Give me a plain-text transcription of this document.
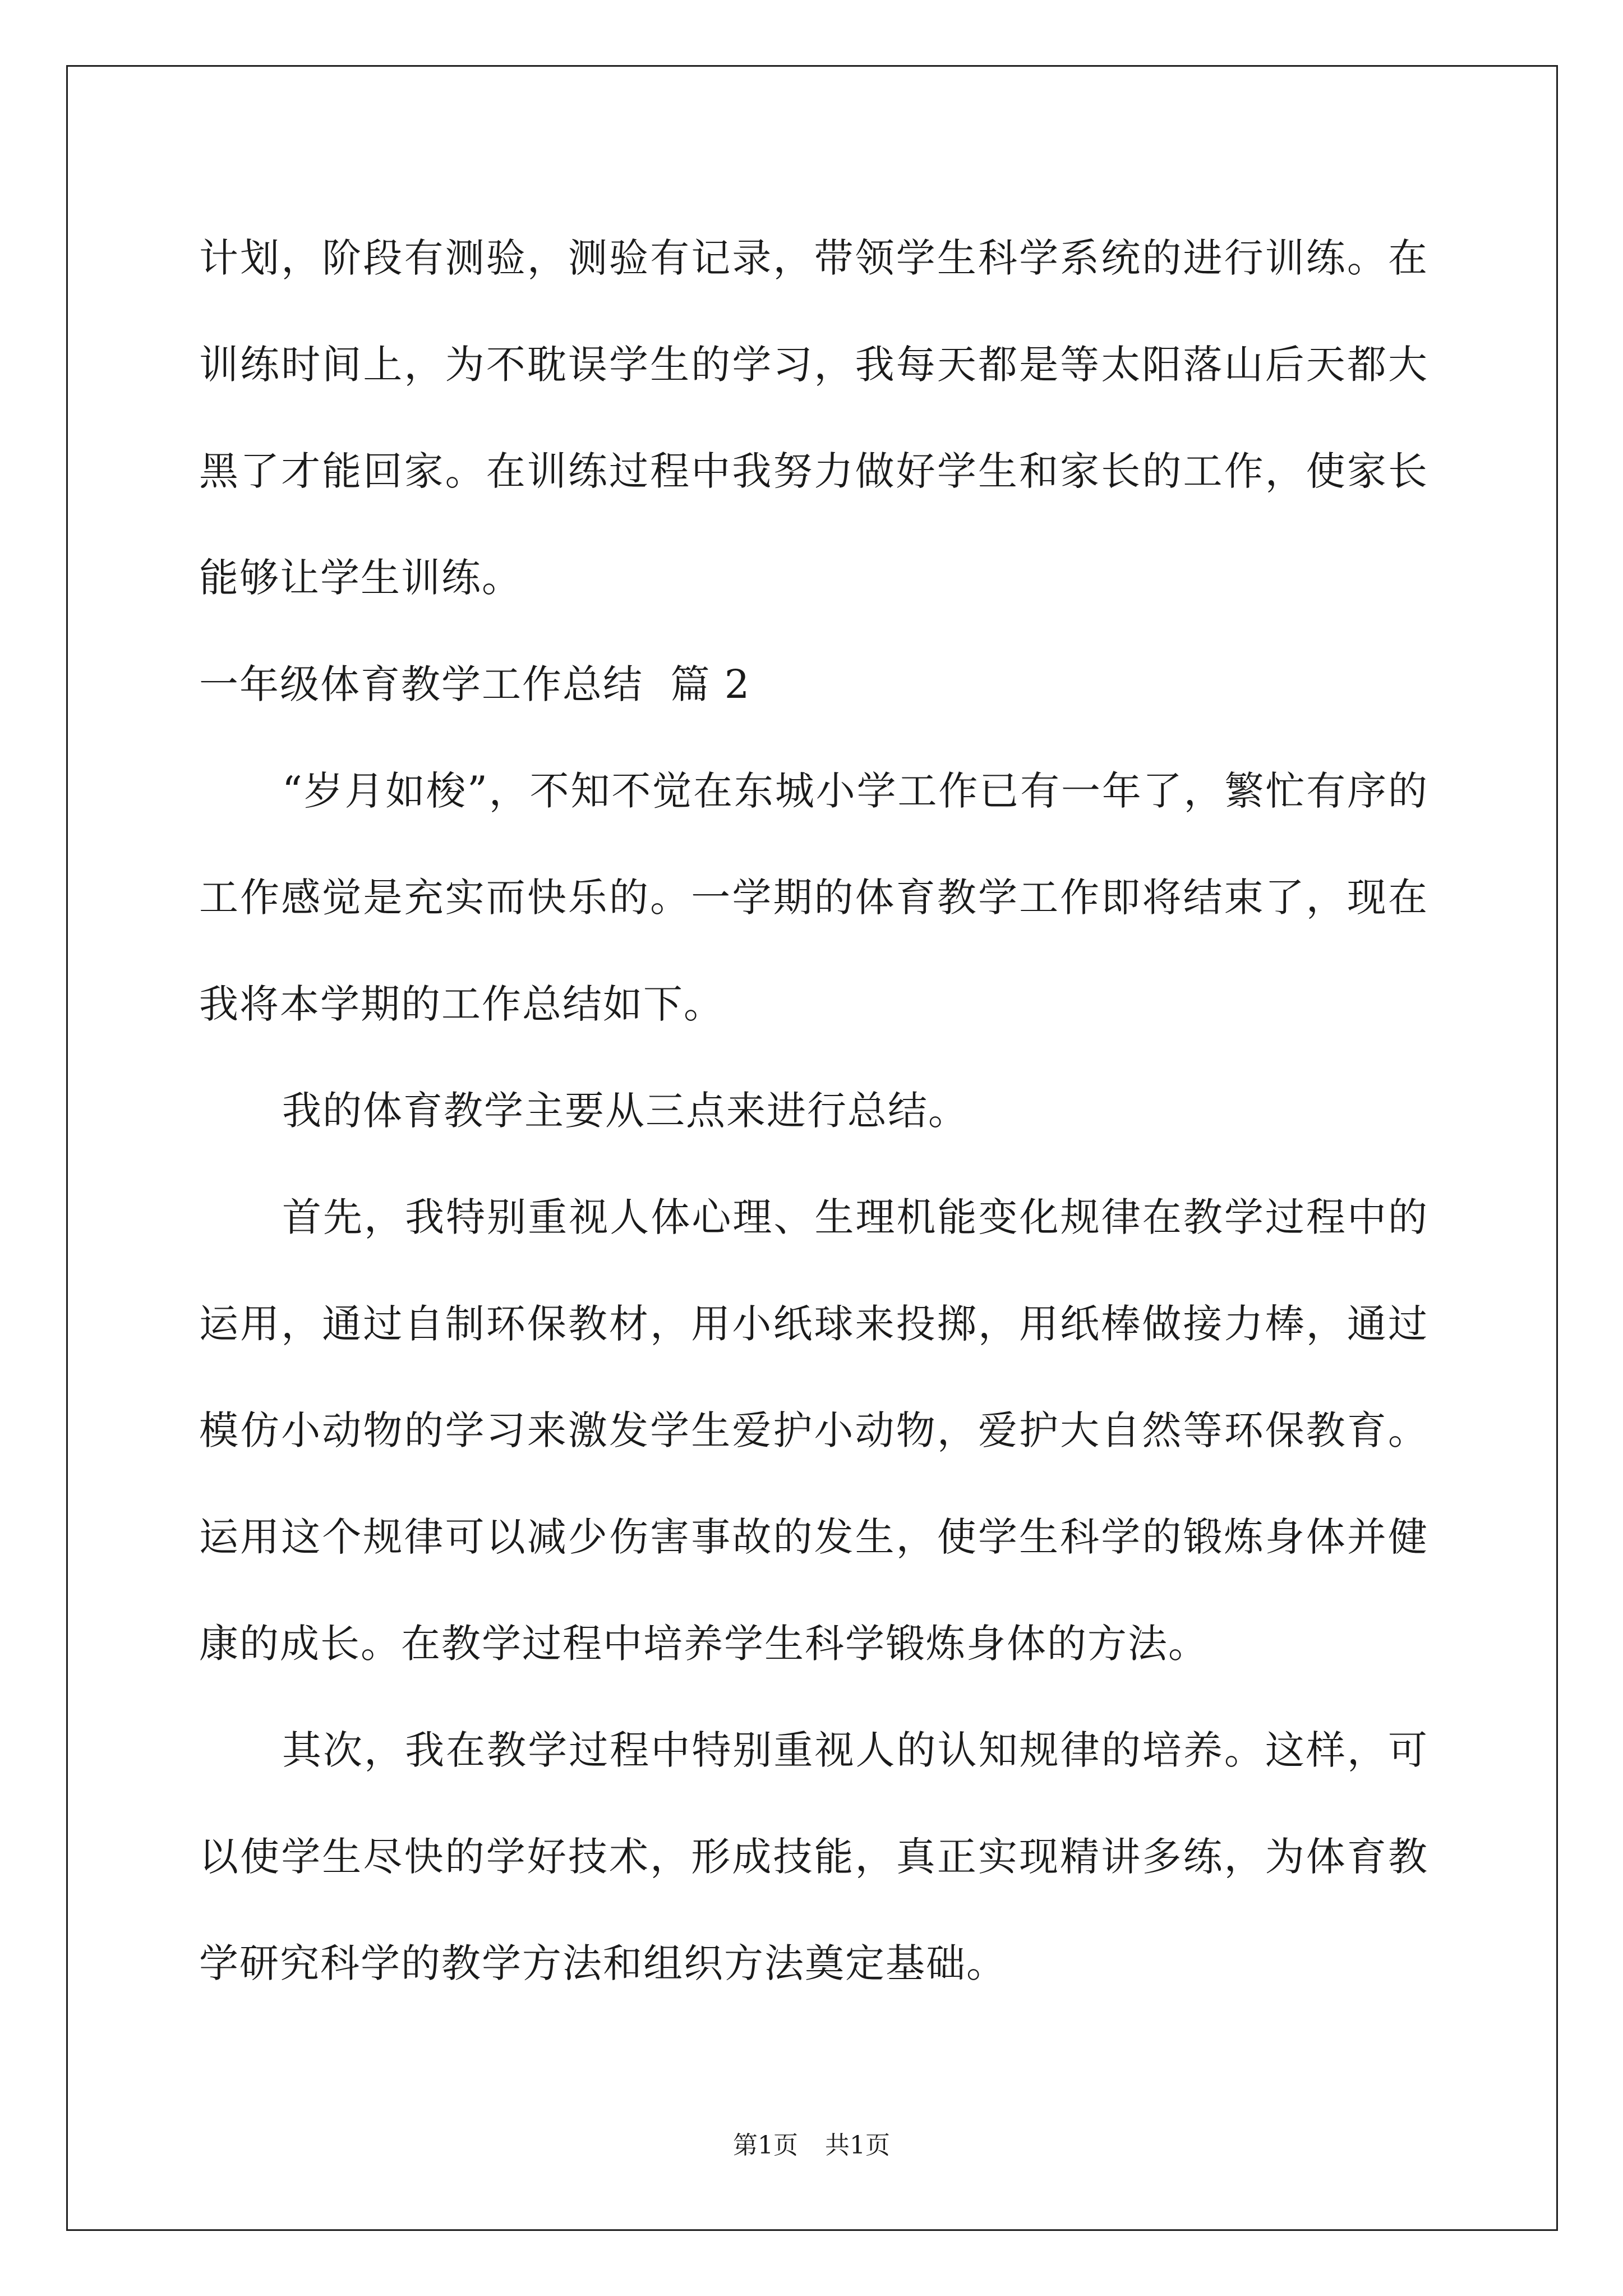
计划，阶段有测验，测验有记录，带领学生科学系统的进行训练。在训练时间上，为不耽误学生的学习，我每天都是等太阳落山后天都大黑了才能回家。在训练过程中我努力做好学生和家长的工作，使家长能够让学生训练。

一年级体育教学工作总结  篇 2

“岁月如梭”，不知不觉在东城小学工作已有一年了，繁忙有序的工作感觉是充实而快乐的。一学期的体育教学工作即将结束了，现在我将本学期的工作总结如下。

我的体育教学主要从三点来进行总结。

首先，我特别重视人体心理、生理机能变化规律在教学过程中的运用，通过自制环保教材，用小纸球来投掷，用纸棒做接力棒，通过模仿小动物的学习来激发学生爱护小动物，爱护大自然等环保教育。运用这个规律可以减少伤害事故的发生，使学生科学的锻炼身体并健康的成长。在教学过程中培养学生科学锻炼身体的方法。

其次，我在教学过程中特别重视人的认知规律的培养。这样，可以使学生尽快的学好技术，形成技能，真正实现精讲多练，为体育教学研究科学的教学方法和组织方法奠定基础。

第1页 共1页
